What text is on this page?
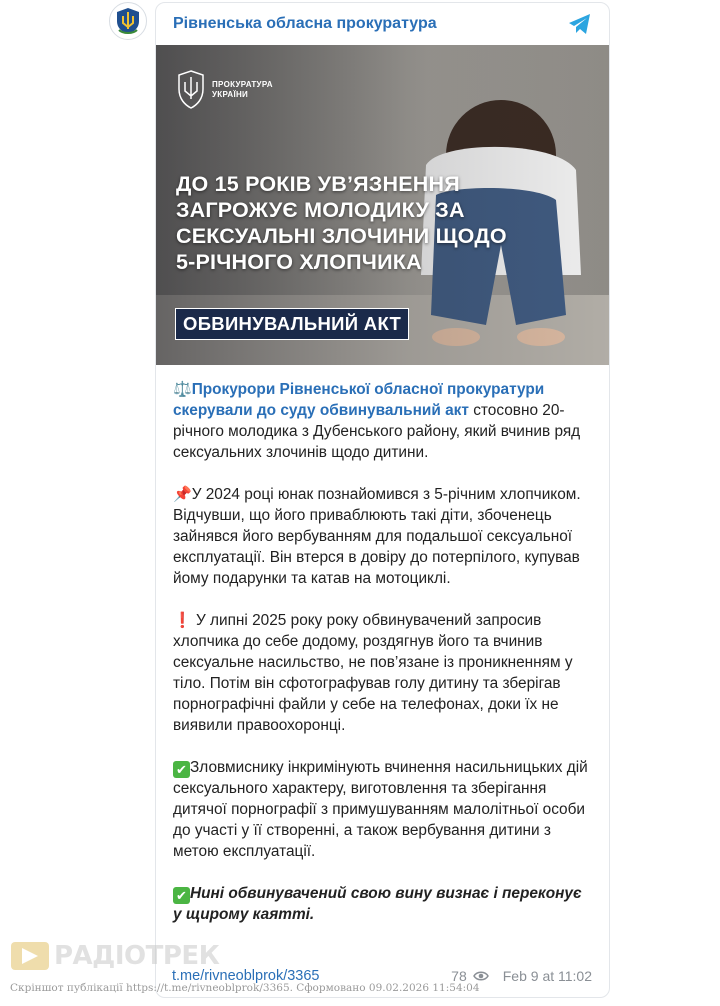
Рівненська обласна прокуратура
ПРОКУРАТУРА
УКРАЇНИ
ДО 15 РОКІВ УВ’ЯЗНЕННЯ
ЗАГРОЖУЄ МОЛОДИКУ ЗА
СЕКСУАЛЬНІ ЗЛОЧИНИ ЩОДО
5-РІЧНОГО ХЛОПЧИКА
ОБВИНУВАЛЬНИЙ АКТ

⚖️Прокурори Рівненської обласної прокуратури скерували до суду обвинувальний акт стосовно 20-річного молодика з Дубенського району, який вчинив ряд сексуальних злочинів щодо дитини.

📌У 2024 році юнак познайомився з 5-річним хлопчиком. Відчувши, що його приваблюють такі діти, збоченець зайнявся його вербуванням для подальшої сексуальної експлуатації. Він втерся в довіру до потерпілого, купував йому подарунки та катав на мотоциклі.

❗ У липні 2025 року року обвинувачений запросив хлопчика до себе додому, роздягнув його та вчинив сексуальне насильство, не пов’язане із проникненням у тіло. Потім він сфотографував голу дитину та зберігав порнографічні файли у себе на телефонах, доки їх не виявили правоохоронці.

✔ Зловмиснику інкримінують вчинення насильницьких дій сексуального характеру, виготовлення та зберігання дитячої порнографії з примушуванням малолітньої особи до участі у її створенні, а також вербування дитини з метою експлуатації.

✔ Нині обвинувачений свою вину визнає і переконує у щирому каятті.

РАДІОТРЕК
t.me/rivneoblprok/3365	78	Feb 9 at 11:02
Скріншот публікації https://t.me/rivneoblprok/3365. Сформовано 09.02.2026 11:54:04
